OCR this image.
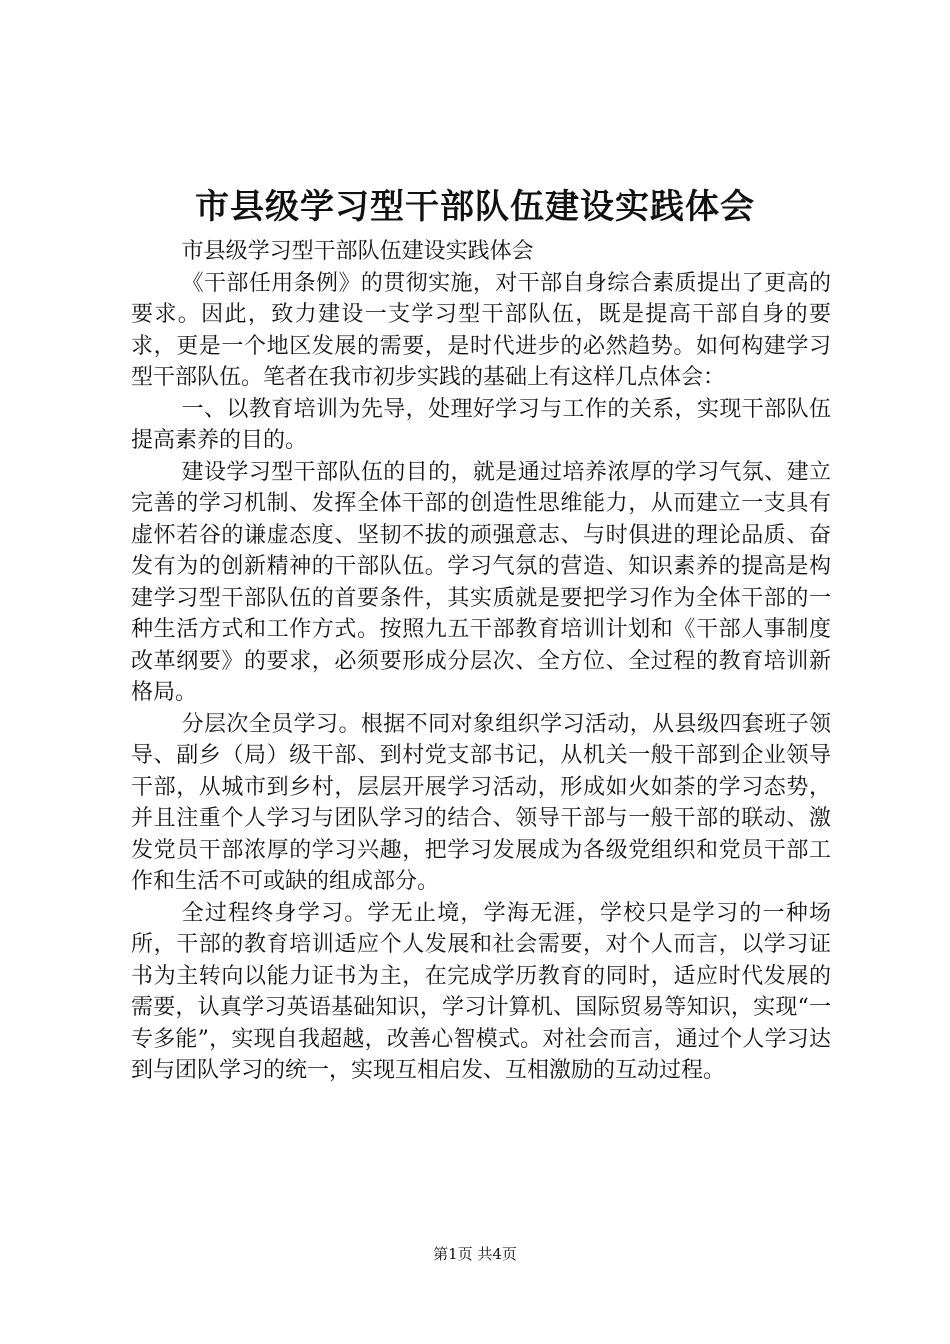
市县级学习型干部队伍建设实践体会

市县级学习型干部队伍建设实践体会

《干部任用条例》的贯彻实施，对干部自身综合素质提出了更高的要求。因此，致力建设一支学习型干部队伍，既是提高干部自身的要求，更是一个地区发展的需要，是时代进步的必然趋势。如何构建学习型干部队伍。笔者在我市初步实践的基础上有这样几点体会：

一、以教育培训为先导，处理好学习与工作的关系，实现干部队伍提高素养的目的。

建设学习型干部队伍的目的，就是通过培养浓厚的学习气氛、建立完善的学习机制、发挥全体干部的创造性思维能力，从而建立一支具有虚怀若谷的谦虚态度、坚韧不拔的顽强意志、与时俱进的理论品质、奋发有为的创新精神的干部队伍。学习气氛的营造、知识素养的提高是构建学习型干部队伍的首要条件，其实质就是要把学习作为全体干部的一种生活方式和工作方式。按照九五干部教育培训计划和《干部人事制度改革纲要》的要求，必须要形成分层次、全方位、全过程的教育培训新格局。

分层次全员学习。根据不同对象组织学习活动，从县级四套班子领导、副乡（局）级干部、到村党支部书记，从机关一般干部到企业领导干部，从城市到乡村，层层开展学习活动，形成如火如荼的学习态势，并且注重个人学习与团队学习的结合、领导干部与一般干部的联动、激发党员干部浓厚的学习兴趣，把学习发展成为各级党组织和党员干部工作和生活不可或缺的组成部分。

全过程终身学习。学无止境，学海无涯，学校只是学习的一种场所，干部的教育培训适应个人发展和社会需要，对个人而言，以学习证书为主转向以能力证书为主，在完成学历教育的同时，适应时代发展的需要，认真学习英语基础知识，学习计算机、国际贸易等知识，实现“一专多能”，实现自我超越，改善心智模式。对社会而言，通过个人学习达到与团队学习的统一，实现互相启发、互相激励的互动过程。

第1页 共4页
